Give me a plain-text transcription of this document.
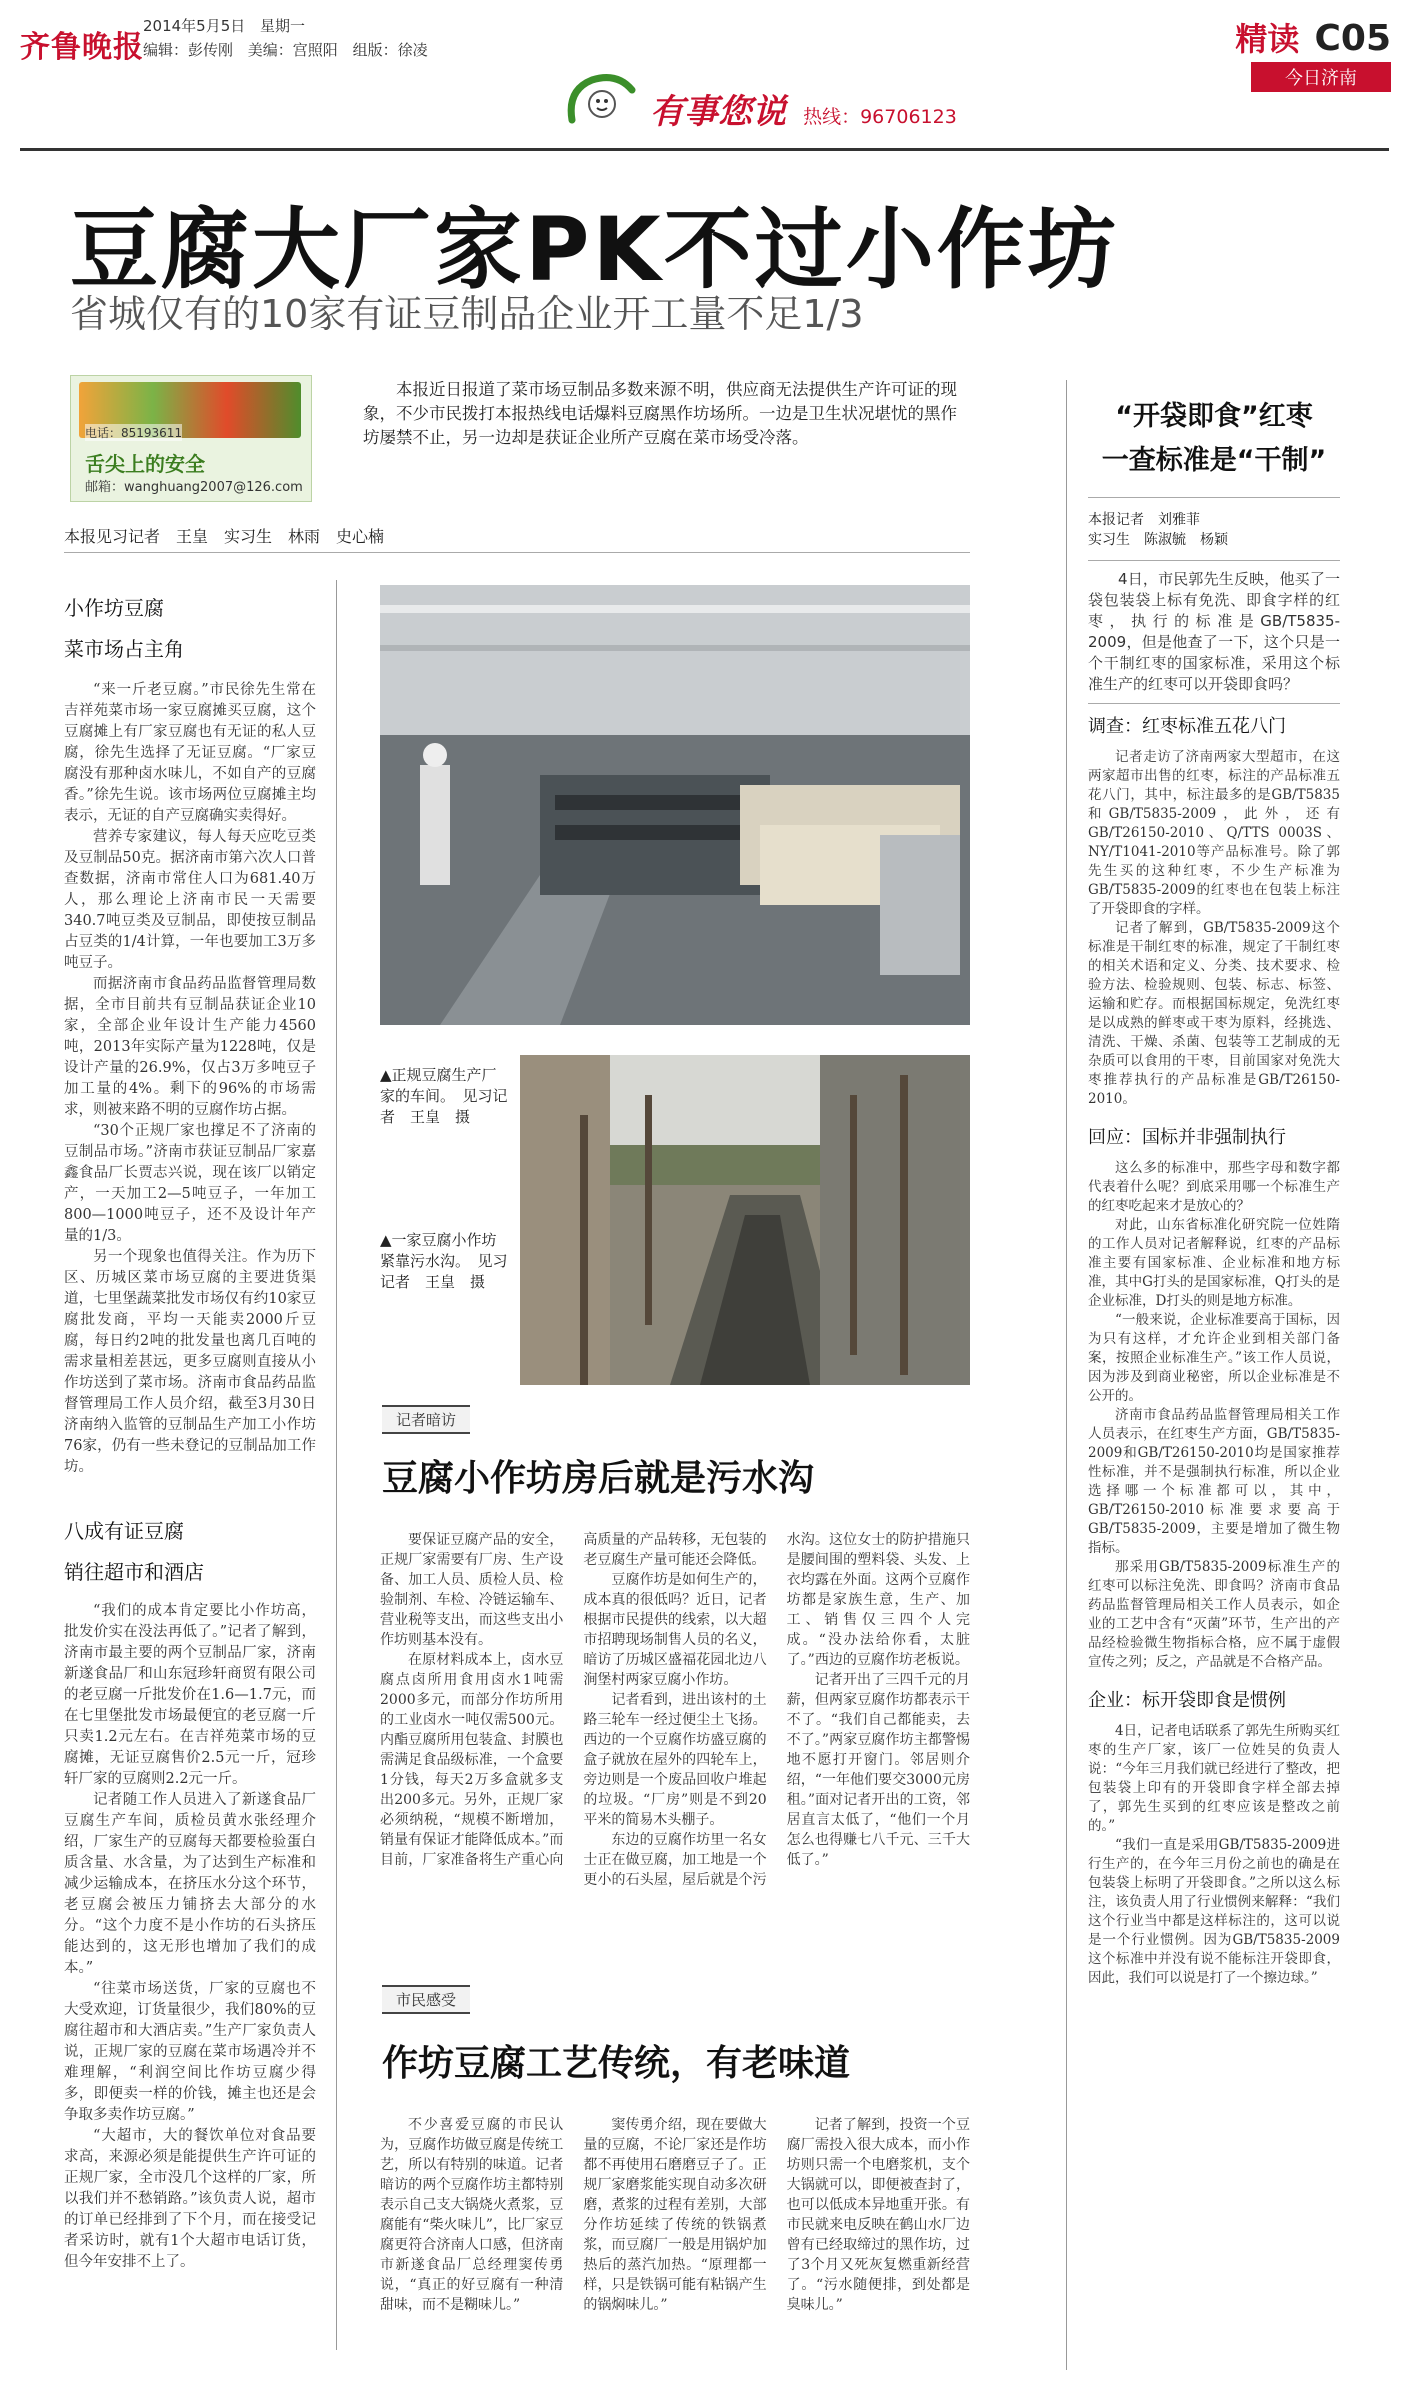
齐鲁晚报
2014年5月5日 星期一
编辑：彭传刚 美编：宫照阳 组版：徐凌	精读 C05
今日济南
有事您说 热线：96706123
豆腐大厂家PK不过小作坊
省城仅有的10家有证豆制品企业开工量不足1/3
电话：85193611
舌尖上的安全
邮箱：wanghuang2007@126.com
本报近日报道了菜市场豆制品多数来源不明，供应商无法提供生产许可证的现象，不少市民拨打本报热线电话爆料豆腐黑作坊场所。一边是卫生状况堪忧的黑作坊屡禁不止，另一边却是获证企业所产豆腐在菜市场受冷落。
本报见习记者　王皇　实习生　林雨　史心楠
小作坊豆腐
菜市场占主角

“来一斤老豆腐。”市民徐先生常在吉祥苑菜市场一家豆腐摊买豆腐，这个豆腐摊上有厂家豆腐也有无证的私人豆腐，徐先生选择了无证豆腐。“厂家豆腐没有那种卤水味儿，不如自产的豆腐香。”徐先生说。该市场两位豆腐摊主均表示，无证的自产豆腐确实卖得好。

营养专家建议，每人每天应吃豆类及豆制品50克。据济南市第六次人口普查数据，济南市常住人口为681.40万人，那么理论上济南市民一天需要340.7吨豆类及豆制品，即使按豆制品占豆类的1/4计算，一年也要加工3万多吨豆子。

而据济南市食品药品监督管理局数据，全市目前共有豆制品获证企业10家，全部企业年设计生产能力4560吨，2013年实际产量为1228吨，仅是设计产量的26.9%，仅占3万多吨豆子加工量的4%。剩下的96%的市场需求，则被来路不明的豆腐作坊占据。

“30个正规厂家也撑足不了济南的豆制品市场。”济南市获证豆制品厂家嘉鑫食品厂长贾志兴说，现在该厂以销定产，一天加工2—5吨豆子，一年加工800—1000吨豆子，还不及设计年产量的1/3。

另一个现象也值得关注。作为历下区、历城区菜市场豆腐的主要进货渠道，七里堡蔬菜批发市场仅有约10家豆腐批发商，平均一天能卖2000斤豆腐，每日约2吨的批发量也离几百吨的需求量相差甚远，更多豆腐则直接从小作坊送到了菜市场。济南市食品药品监督管理局工作人员介绍，截至3月30日济南纳入监管的豆制品生产加工小作坊76家，仍有一些未登记的豆制品加工作坊。

八成有证豆腐
销往超市和酒店

“我们的成本肯定要比小作坊高，批发价实在没法再低了。”记者了解到，济南市最主要的两个豆制品厂家，济南新遂食品厂和山东冠珍轩商贸有限公司的老豆腐一斤批发价在1.6—1.7元，而在七里堡批发市场最便宜的老豆腐一斤只卖1.2元左右。在吉祥苑菜市场的豆腐摊，无证豆腐售价2.5元一斤，冠珍轩厂家的豆腐则2.2元一斤。

记者随工作人员进入了新遂食品厂豆腐生产车间，质检员黄水张经理介绍，厂家生产的豆腐每天都要检验蛋白质含量、水含量，为了达到生产标准和减少运输成本，在挤压水分这个环节，老豆腐会被压力铺挤去大部分的水分。“这个力度不是小作坊的石头挤压能达到的，这无形也增加了我们的成本。”

“往菜市场送货，厂家的豆腐也不大受欢迎，订货量很少，我们80%的豆腐往超市和大酒店卖。”生产厂家负责人说，正规厂家的豆腐在菜市场遇冷并不难理解，“利润空间比作坊豆腐少得多，即便卖一样的价钱，摊主也还是会争取多卖作坊豆腐。”

“大超市，大的餐饮单位对食品要求高，来源必须是能提供生产许可证的正规厂家，全市没几个这样的厂家，所以我们并不愁销路。”该负责人说，超市的订单已经排到了下个月，而在接受记者采访时，就有1个大超市电话订货，但今年安排不上了。

▲正规豆腐生产厂家的车间。　见习记者　王皇　摄
▲一家豆腐小作坊紧靠污水沟。　见习记者　王皇　摄
记者暗访
豆腐小作坊房后就是污水沟

要保证豆腐产品的安全，正规厂家需要有厂房、生产设备、加工人员、质检人员、检验制剂、车检、冷链运输车、营业税等支出，而这些支出小作坊则基本没有。

在原材料成本上，卤水豆腐点卤所用食用卤水1吨需2000多元，而部分作坊所用的工业卤水一吨仅需500元。内酯豆腐所用包装盒、封膜也需满足食品级标准，一个盒要1分钱，每天2万多盒就多支出200多元。另外，正规厂家必须纳税，“规模不断增加，销量有保证才能降低成本。”而目前，厂家准备将生产重心向高质量的产品转移，无包装的老豆腐生产量可能还会降低。

豆腐作坊是如何生产的，成本真的很低吗？近日，记者根据市民提供的线索，以大超市招聘现场制售人员的名义，暗访了历城区盛福花园北边八涧堡村两家豆腐小作坊。

记者看到，进出该村的土路三轮车一经过便尘土飞扬。西边的一个豆腐作坊盛豆腐的盒子就放在屋外的四轮车上，旁边则是一个废品回收户堆起的垃圾。“厂房”则是不到20平米的简易木头棚子。

东边的豆腐作坊里一名女士正在做豆腐，加工地是一个更小的石头屋，屋后就是个污水沟。这位女士的防护措施只是腰间围的塑料袋、头发、上衣均露在外面。这两个豆腐作坊都是家族生意，生产、加工、销售仅三四个人完成。“没办法给你看，太脏了。”西边的豆腐作坊老板说。

记者开出了三四千元的月薪，但两家豆腐作坊都表示干不了。“我们自己都能卖，去不了。”两家豆腐作坊主都警惕地不愿打开窗门。邻居则介绍，“一年他们要交3000元房租。”面对记者开出的工资，邻居直言太低了，“他们一个月怎么也得赚七八千元、三千大低了。”

市民感受
作坊豆腐工艺传统，有老味道

不少喜爱豆腐的市民认为，豆腐作坊做豆腐是传统工艺，所以有特别的味道。记者暗访的两个豆腐作坊主都特别表示自己支大锅烧火煮浆，豆腐能有“柴火味儿”，比厂家豆腐更符合济南人口感，但济南市新遂食品厂总经理窦传勇说，“真正的好豆腐有一种清甜味，而不是糊味儿。”

窦传勇介绍，现在要做大量的豆腐，不论厂家还是作坊都不再使用石磨磨豆子了。正规厂家磨浆能实现自动多次研磨，煮浆的过程有差别，大部分作坊延续了传统的铁锅煮浆，而豆腐厂一般是用锅炉加热后的蒸汽加热。“原理都一样，只是铁锅可能有粘锅产生的锅焖味儿。”

记者了解到，投资一个豆腐厂需投入很大成本，而小作坊则只需一个电磨浆机，支个大锅就可以，即便被查封了，也可以低成本异地重开张。有市民就来电反映在鹤山水厂边曾有已经取缔过的黑作坊，过了3个月又死灰复燃重新经营了。“污水随便排，到处都是臭味儿。”

“开袋即食”红枣
一查标准是“干制”
本报记者　刘雅菲
实习生　陈淑毓　杨颖

4日，市民郭先生反映，他买了一袋包装袋上标有免洗、即食字样的红枣，执行的标准是GB/T5835-2009，但是他查了一下，这个只是一个干制红枣的国家标准，采用这个标准生产的红枣可以开袋即食吗？

调查：红枣标准五花八门

记者走访了济南两家大型超市，在这两家超市出售的红枣，标注的产品标准五花八门，其中，标注最多的是GB/T5835和GB/T5835-2009，此外，还有GB/T26150-2010、Q/TTS 0003S、NY/T1041-2010等产品标准号。除了郭先生买的这种红枣，不少生产标准为GB/T5835-2009的红枣也在包装上标注了开袋即食的字样。

记者了解到，GB/T5835-2009这个标准是干制红枣的标准，规定了干制红枣的相关术语和定义、分类、技术要求、检验方法、检验规则、包装、标志、标签、运输和贮存。而根据国标规定，免洗红枣是以成熟的鲜枣或干枣为原料，经挑选、清洗、干燥、杀菌、包装等工艺制成的无杂质可以食用的干枣，目前国家对免洗大枣推荐执行的产品标准是GB/T26150-2010。

回应：国标并非强制执行

这么多的标准中，那些字母和数字都代表着什么呢？到底采用哪一个标准生产的红枣吃起来才是放心的？

对此，山东省标准化研究院一位姓隋的工作人员对记者解释说，红枣的产品标准主要有国家标准、企业标准和地方标准，其中G打头的是国家标准，Q打头的是企业标准，D打头的则是地方标准。

“一般来说，企业标准要高于国标，因为只有这样，才允许企业到相关部门备案，按照企业标准生产。”该工作人员说，因为涉及到商业秘密，所以企业标准是不公开的。

济南市食品药品监督管理局相关工作人员表示，在红枣生产方面，GB/T5835-2009和GB/T26150-2010均是国家推荐性标准，并不是强制执行标准，所以企业选择哪一个标准都可以，其中，GB/T26150-2010标准要求要高于GB/T5835-2009，主要是增加了微生物指标。

那采用GB/T5835-2009标准生产的红枣可以标注免洗、即食吗？济南市食品药品监督管理局相关工作人员表示，如企业的工艺中含有“灭菌”环节，生产出的产品经检验微生物指标合格，应不属于虚假宣传之列；反之，产品就是不合格产品。

企业：标开袋即食是惯例

4日，记者电话联系了郭先生所购买红枣的生产厂家，该厂一位姓吴的负责人说：“今年三月我们就已经进行了整改，把包装袋上印有的开袋即食字样全部去掉了，郭先生买到的红枣应该是整改之前的。”

“我们一直是采用GB/T5835-2009进行生产的，在今年三月份之前也的确是在包装袋上标明了开袋即食。”之所以这么标注，该负责人用了行业惯例来解释：“我们这个行业当中都是这样标注的，这可以说是一个行业惯例。因为GB/T5835-2009这个标准中并没有说不能标注开袋即食，因此，我们可以说是打了一个擦边球。”
